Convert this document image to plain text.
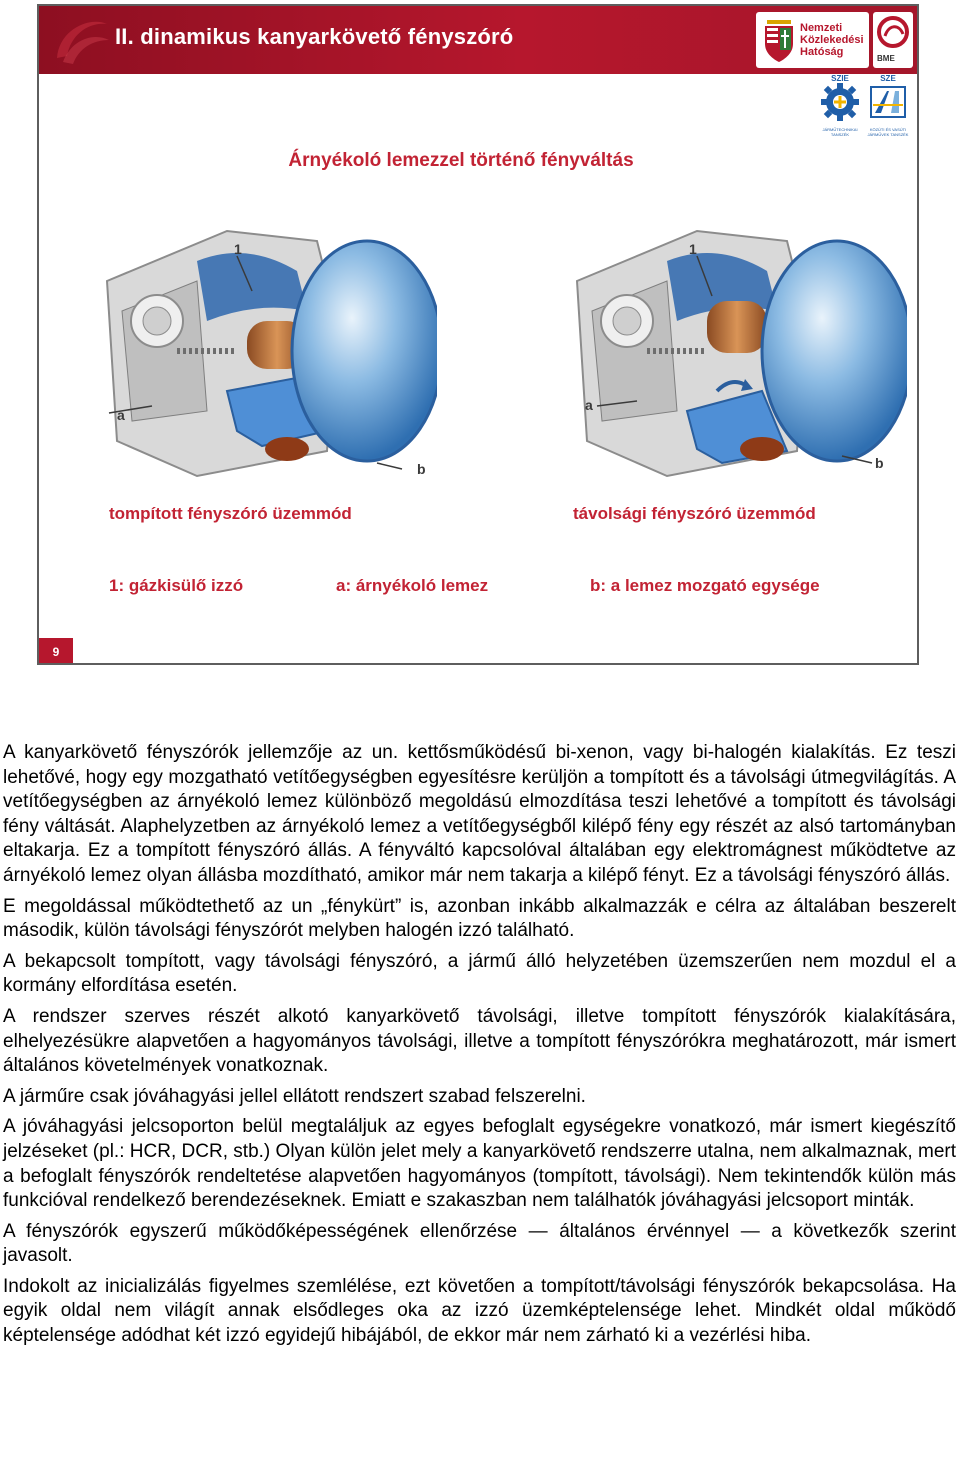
II. dinamikus kanyarkövető fényszóró	Nemzeti
Közlekedési
Hatóság
BME
SZIE
JÁRMŰTECHNIKAI TANSZÉK
SZE
KÖZÚTI ÉS VASÚTI JÁRMŰVEK TANSZÉK
Árnyékoló lemezzel történő fényváltás
1
a
b
1
a
b
tompított fényszóró üzemmód	távolsági fényszóró üzemmód
1: gázkisülő izzó	a: árnyékoló lemez	b: a lemez mozgató egysége
9

A kanyarkövető fényszórók jellemzője az un. kettősműködésű bi-xenon, vagy bi-halogén kialakítás. Ez teszi lehetővé, hogy egy mozgatható vetítőegységben egyesítésre kerüljön a tompított és a távolsági útmegvilágítás. A vetítőegységben az árnyékoló lemez különböző megoldású elmozdítása teszi lehetővé a tompított és távolsági fény váltását. Alaphelyzetben az árnyékoló lemez a vetítőegységből kilépő fény egy részét az alsó tartományban eltakarja. Ez a tompított fényszóró állás. A fényváltó kapcsolóval általában egy elektromágnest működtetve az árnyékoló lemez olyan állásba mozdítható, amikor már nem takarja a kilépő fényt. Ez a távolsági fényszóró állás.

E megoldással működtethető az un „fénykürt” is, azonban inkább alkalmazzák e célra az általában beszerelt második, külön távolsági fényszórót melyben halogén izzó található.

A bekapcsolt tompított, vagy távolsági fényszóró, a jármű álló helyzetében üzemszerűen nem mozdul el a kormány elfordítása esetén.

A rendszer szerves részét alkotó kanyarkövető távolsági, illetve tompított fényszórók kialakítására, elhelyezésükre alapvetően a hagyományos távolsági, illetve a tompított fényszórókra meghatározott, már ismert általános követelmények vonatkoznak.

A járműre csak jóváhagyási jellel ellátott rendszert szabad felszerelni.

A jóváhagyási jelcsoporton belül megtaláljuk az egyes befoglalt egységekre vonatkozó, már ismert kiegészítő jelzéseket (pl.: HCR, DCR, stb.) Olyan külön jelet mely a kanyarkövető rendszerre utalna, nem alkalmaznak, mert a befoglalt fényszórók rendeltetése alapvetően hagyományos (tompított, távolsági). Nem tekintendők külön más funkcióval rendelkező berendezéseknek. Emiatt e szakaszban nem találhatók jóváhagyási jelcsoport minták.

A fényszórók egyszerű működőképességének ellenőrzése — általános érvénnyel — a következők szerint javasolt.

Indokolt az inicializálás figyelmes szemlélése, ezt követően a tompított/távolsági fényszórók bekapcsolása. Ha egyik oldal nem világít annak elsődleges oka az izzó üzemképtelensége lehet. Mindkét oldal működő képtelensége adódhat két izzó egyidejű hibájából, de ekkor már nem zárható ki a vezérlési hiba.
